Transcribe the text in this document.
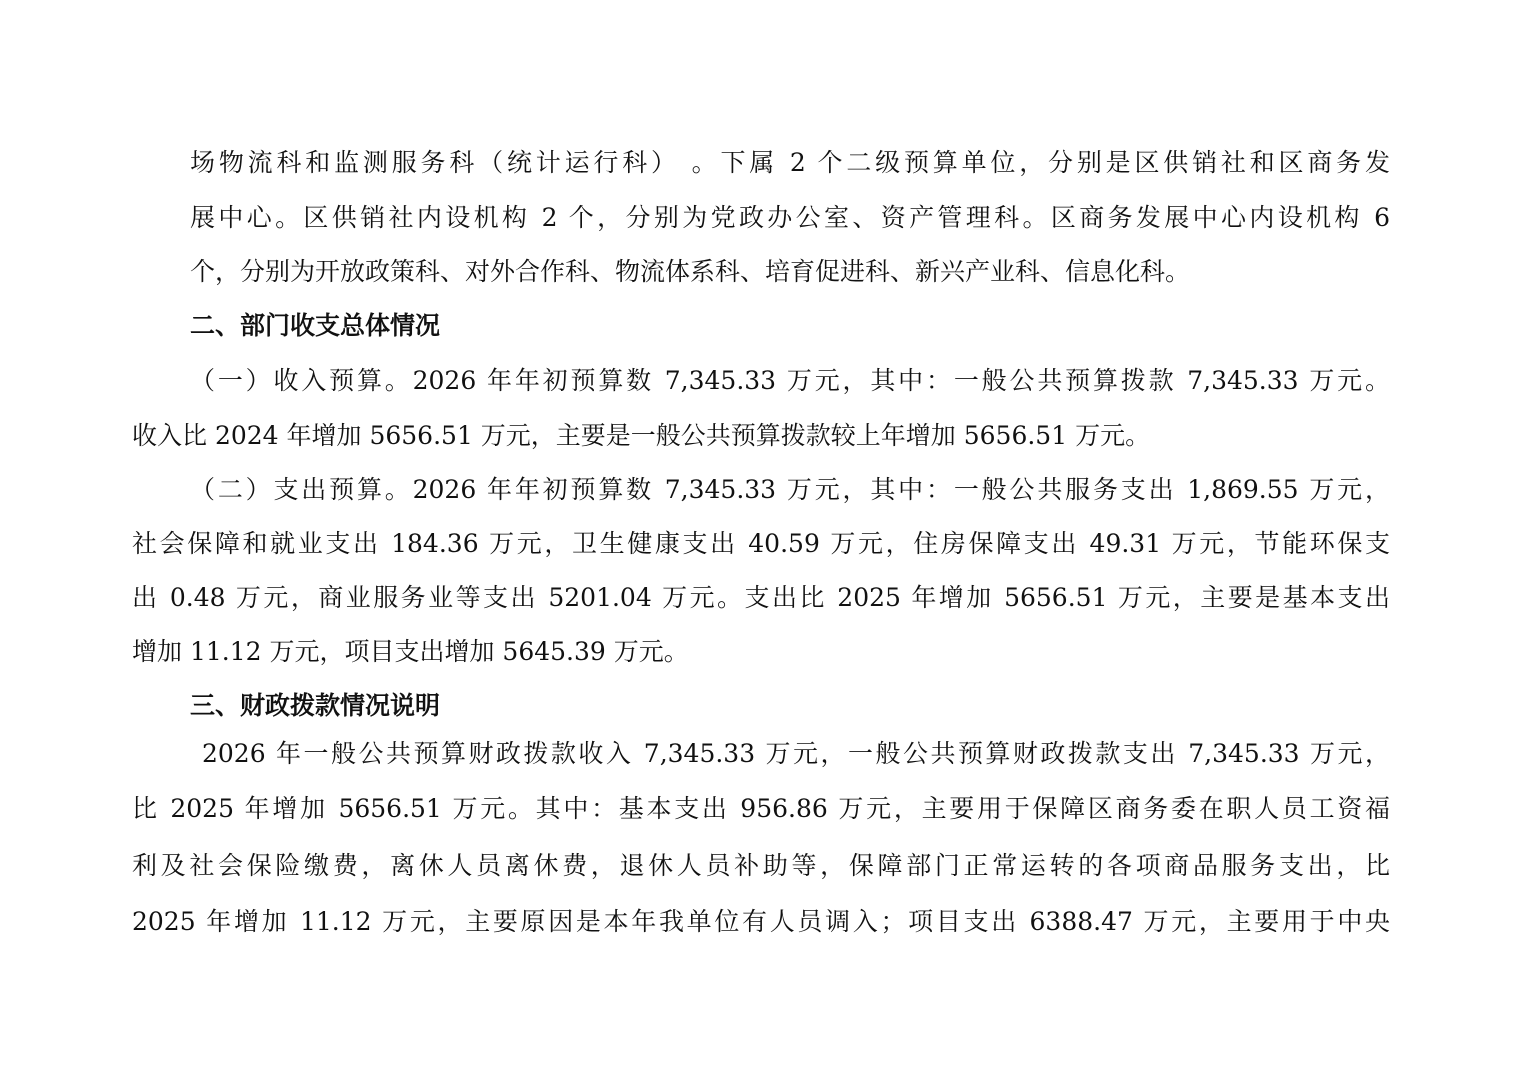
场物流科和监测服务科（统计运行科） 。下属 2 个二级预算单位，分别是区供销社和区商务发
展中心。区供销社内设机构 2 个，分别为党政办公室、资产管理科。区商务发展中心内设机构 6
个，分别为开放政策科、对外合作科、物流体系科、培育促进科、新兴产业科、信息化科。
二、部门收支总体情况
（一）收入预算。2026 年年初预算数 7,345.33 万元，其中：一般公共预算拨款 7,345.33 万元。
收入比 2024 年增加 5656.51 万元，主要是一般公共预算拨款较上年增加 5656.51 万元。
（二）支出预算。2026 年年初预算数 7,345.33 万元，其中：一般公共服务支出 1,869.55 万元，
社会保障和就业支出 184.36 万元，卫生健康支出 40.59 万元，住房保障支出 49.31 万元，节能环保支
出 0.48 万元，商业服务业等支出 5201.04 万元。支出比 2025 年增加 5656.51 万元，主要是基本支出
增加 11.12 万元，项目支出增加 5645.39 万元。
三、财政拨款情况说明
2026 年一般公共预算财政拨款收入 7,345.33 万元，一般公共预算财政拨款支出 7,345.33 万元，
比 2025 年增加 5656.51 万元。其中：基本支出 956.86 万元，主要用于保障区商务委在职人员工资福
利及社会保险缴费，离休人员离休费，退休人员补助等，保障部门正常运转的各项商品服务支出，比
2025 年增加 11.12 万元，主要原因是本年我单位有人员调入；项目支出 6388.47 万元，主要用于中央
